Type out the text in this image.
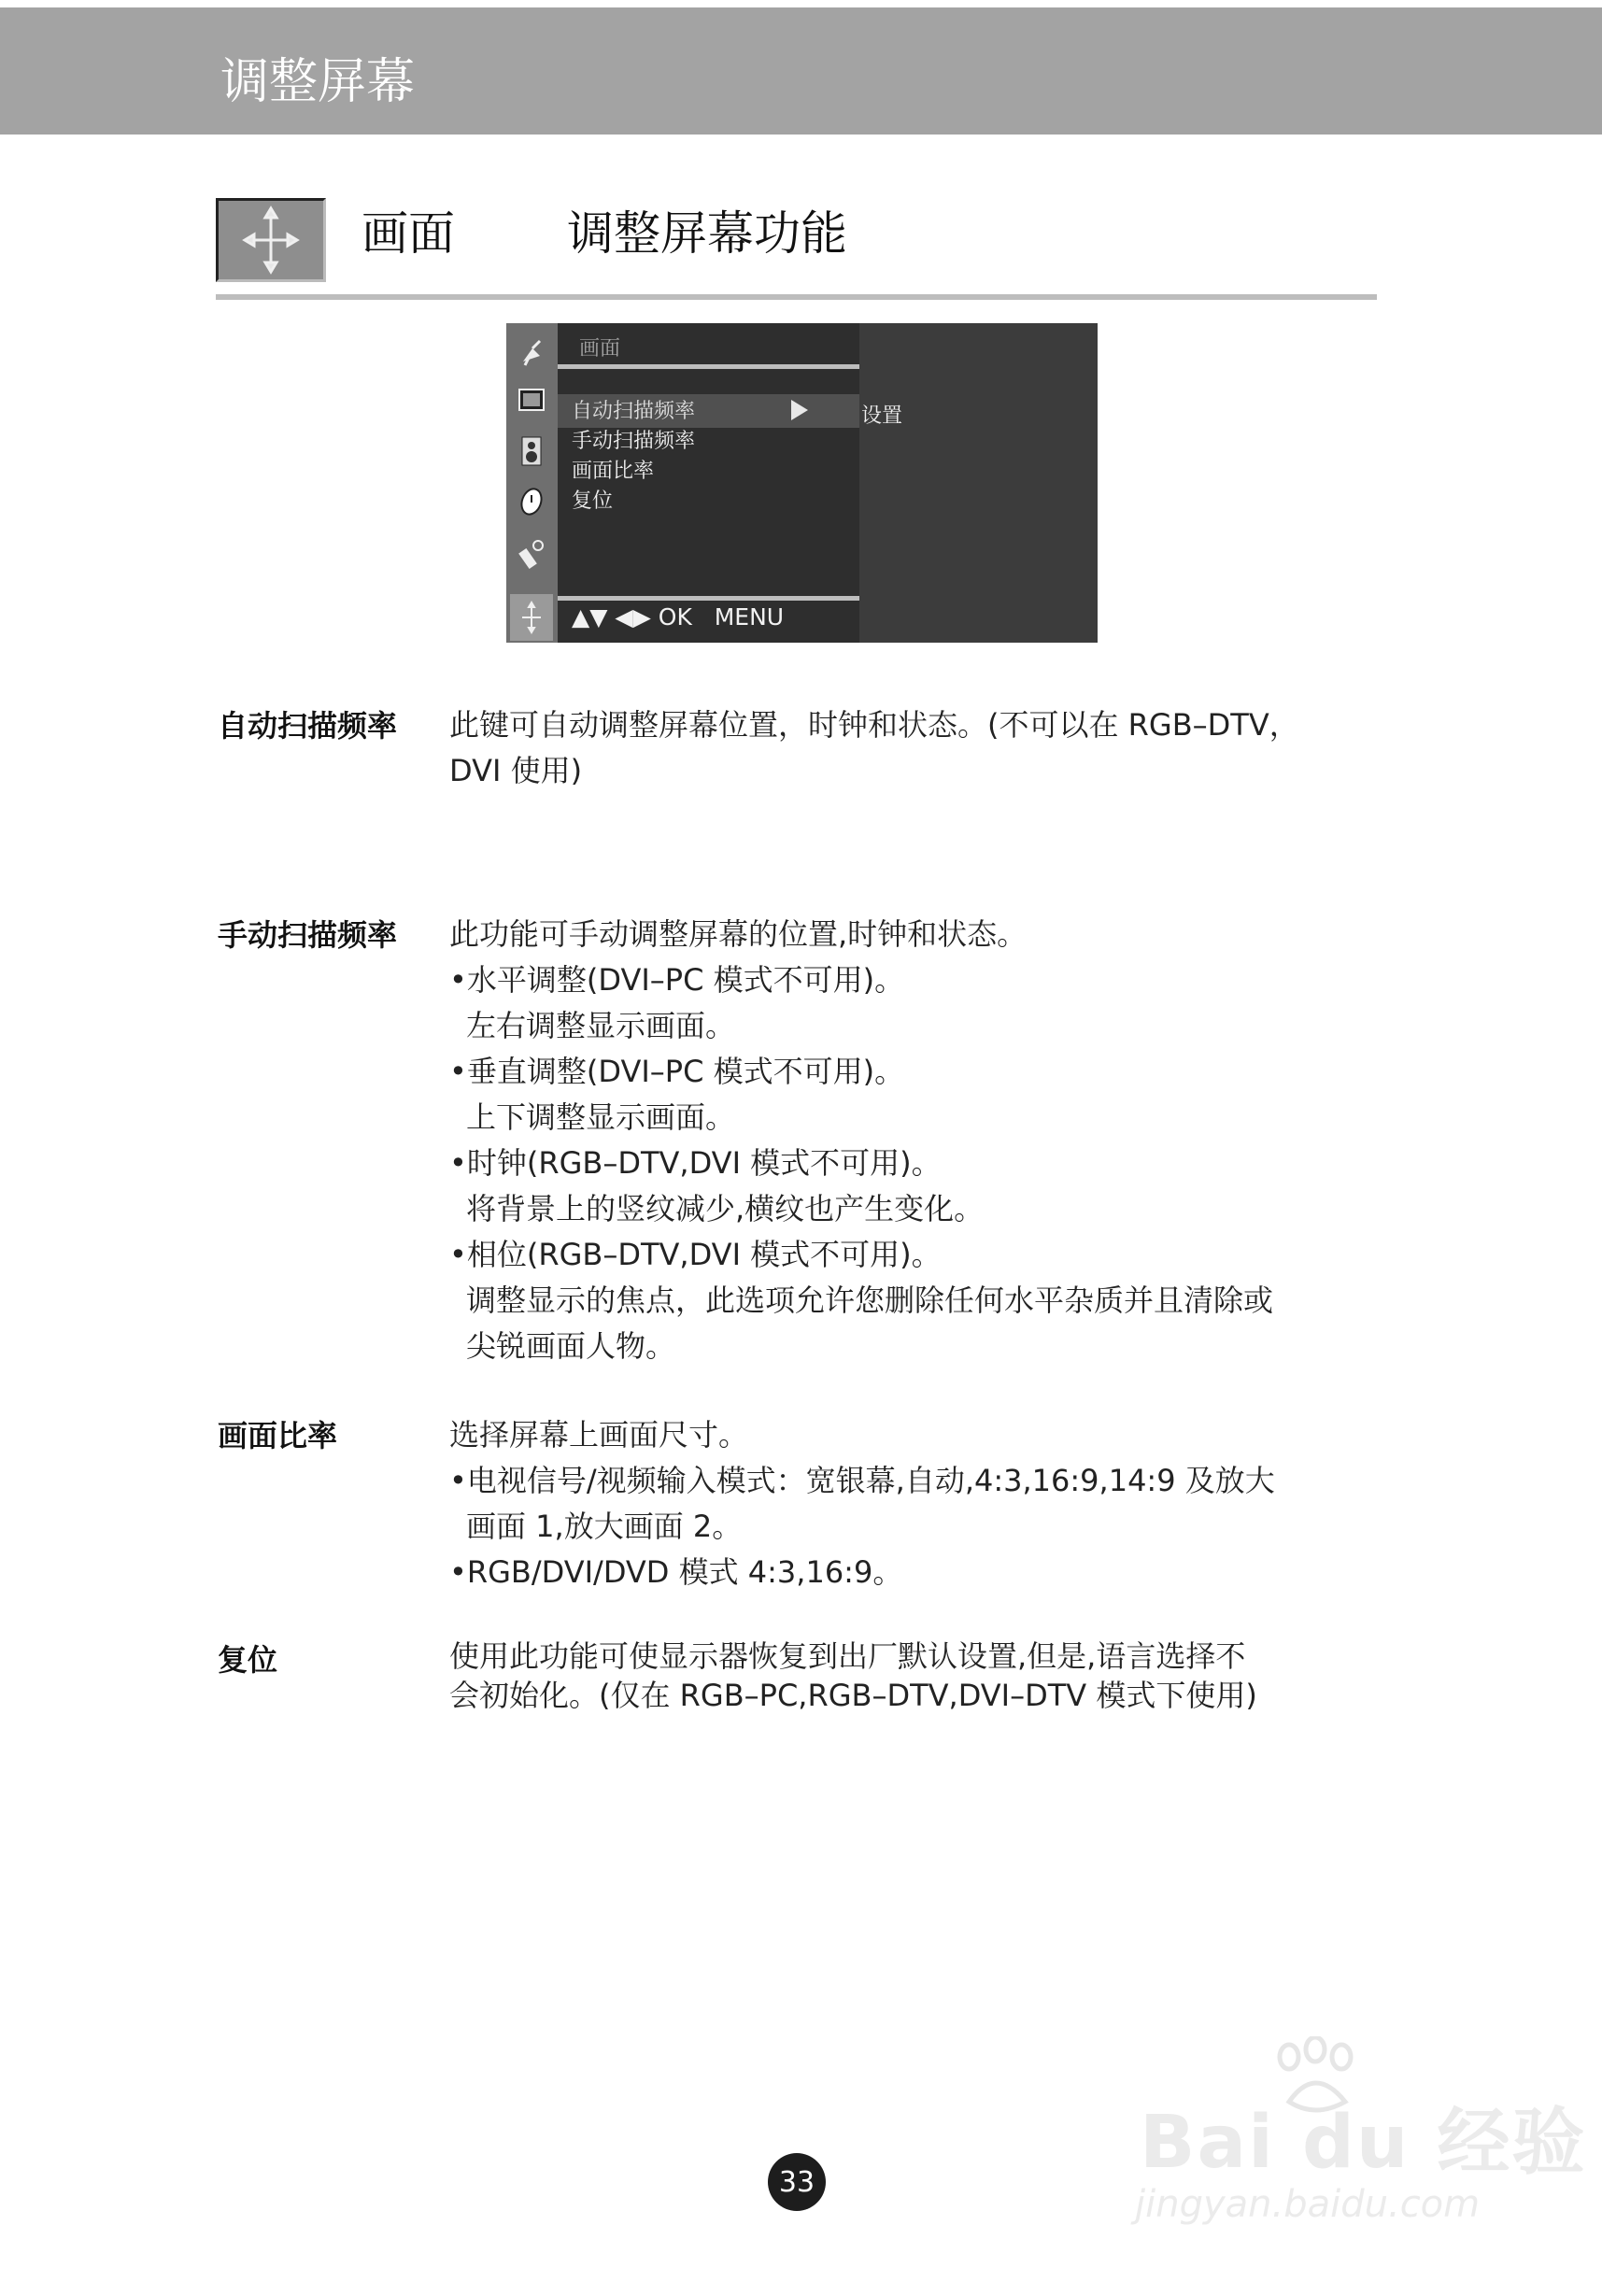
调整屏幕
画面 调整屏幕功能
画面
自动扫描频率
手动扫描频率
画面比率
复位
设置
▲▼ ◀▶ OK   MENU
自动扫描频率 此键可自动调整屏幕位置，时钟和状态。(不可以在 RGB–DTV，

DVI 使用)

手动扫描频率 此功能可手动调整屏幕的位置,时钟和状态。

•水平调整(DVI–PC 模式不可用)。

左右调整显示画面。

•垂直调整(DVI–PC 模式不可用)。

上下调整显示画面。

•时钟(RGB–DTV,DVI 模式不可用)。

将背景上的竖纹减少,横纹也产生变化。

•相位(RGB–DTV,DVI 模式不可用)。

调整显示的焦点，此选项允许您删除任何水平杂质并且清除或

尖锐画面人物。

画面比率	选择屏幕上画面尺寸。

•电视信号/视频输入模式：宽银幕,自动,4:3,16:9,14:9 及放大

画面 1,放大画面 2。

•RGB/DVI/DVD 模式 4:3,16:9。

复位	使用此功能可使显示器恢复到出厂默认设置,但是,语言选择不

会初始化。(仅在 RGB–PC,RGB–DTV,DVI–DTV 模式下使用)

33	Bai du 经验
jingyan.baidu.com
